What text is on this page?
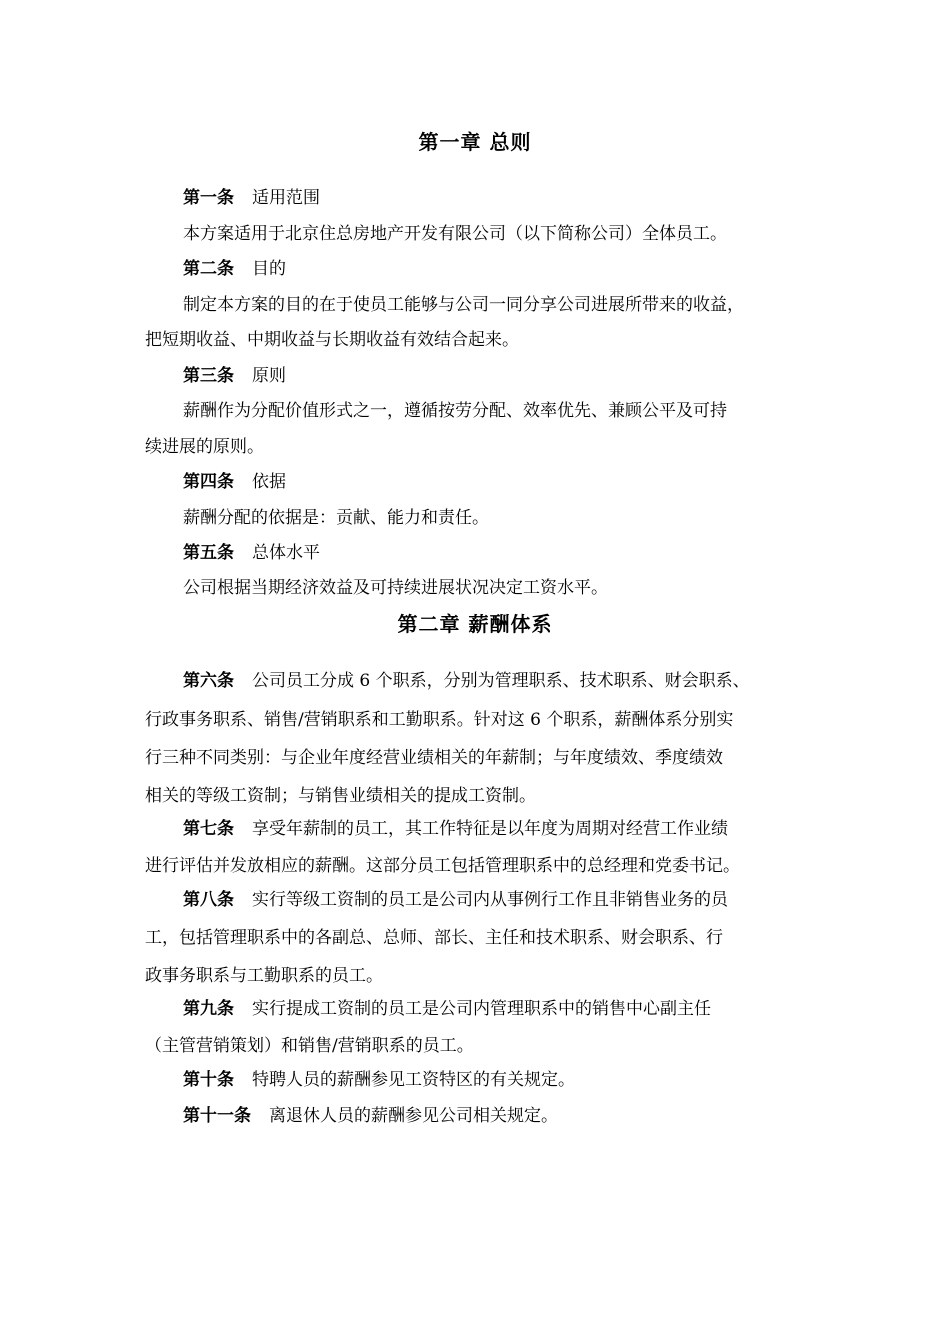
第一章 总则
第一条 适用范围
本方案适用于北京住总房地产开发有限公司（以下简称公司）全体员工。
第二条 目的
制定本方案的目的在于使员工能够与公司一同分享公司进展所带来的收益，
把短期收益、中期收益与长期收益有效结合起来。
第三条 原则
薪酬作为分配价值形式之一，遵循按劳分配、效率优先、兼顾公平及可持
续进展的原则。
第四条 依据
薪酬分配的依据是：贡献、能力和责任。
第五条 总体水平
公司根据当期经济效益及可持续进展状况决定工资水平。
第二章 薪酬体系
第六条 公司员工分成 6 个职系，分别为管理职系、技术职系、财会职系、
行政事务职系、销售/营销职系和工勤职系。针对这 6 个职系，薪酬体系分别实
行三种不同类别：与企业年度经营业绩相关的年薪制；与年度绩效、季度绩效
相关的等级工资制；与销售业绩相关的提成工资制。
第七条 享受年薪制的员工，其工作特征是以年度为周期对经营工作业绩
进行评估并发放相应的薪酬。这部分员工包括管理职系中的总经理和党委书记。
第八条 实行等级工资制的员工是公司内从事例行工作且非销售业务的员
工，包括管理职系中的各副总、总师、部长、主任和技术职系、财会职系、行
政事务职系与工勤职系的员工。
第九条 实行提成工资制的员工是公司内管理职系中的销售中心副主任
（主管营销策划）和销售/营销职系的员工。
第十条 特聘人员的薪酬参见工资特区的有关规定。
第十一条 离退休人员的薪酬参见公司相关规定。
